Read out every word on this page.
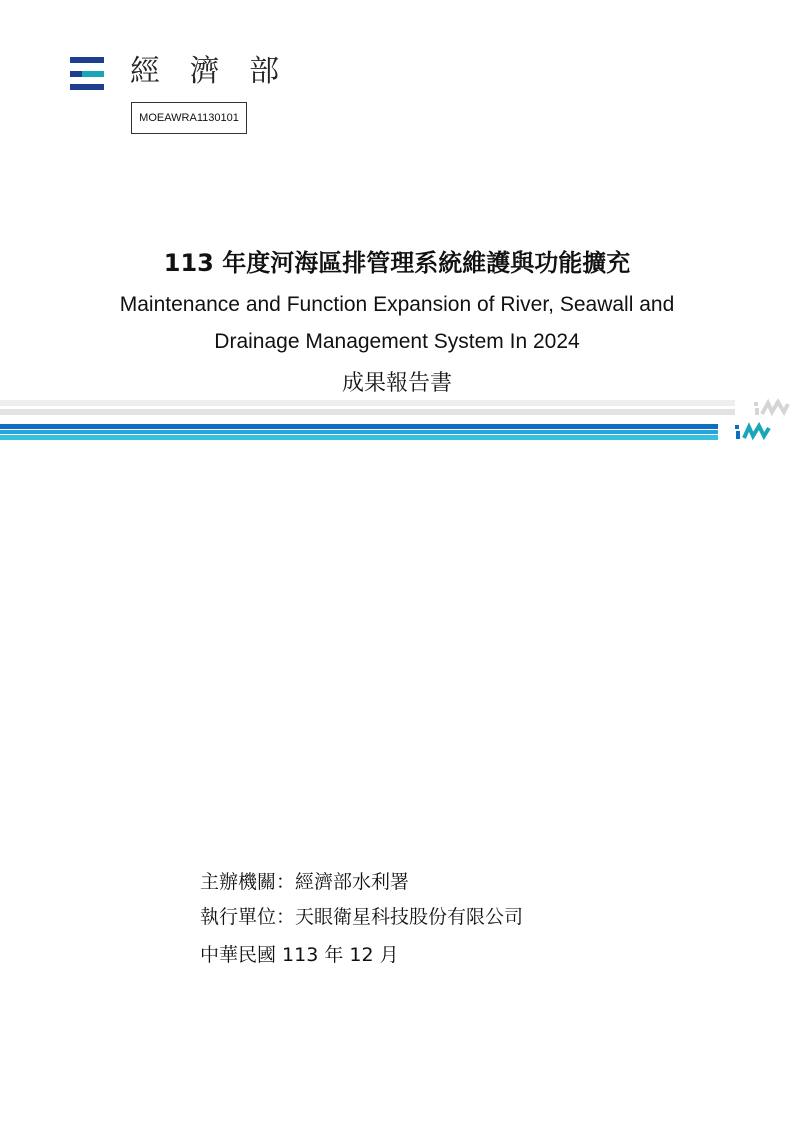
經 濟 部
MOEAWRA1130101
113 年度河海區排管理系統維護與功能擴充
Maintenance and Function Expansion of River, Seawall and
Drainage Management System In 2024
成果報告書
主辦機關：經濟部水利署
執行單位：天眼衛星科技股份有限公司
中華民國 113 年 12 月
